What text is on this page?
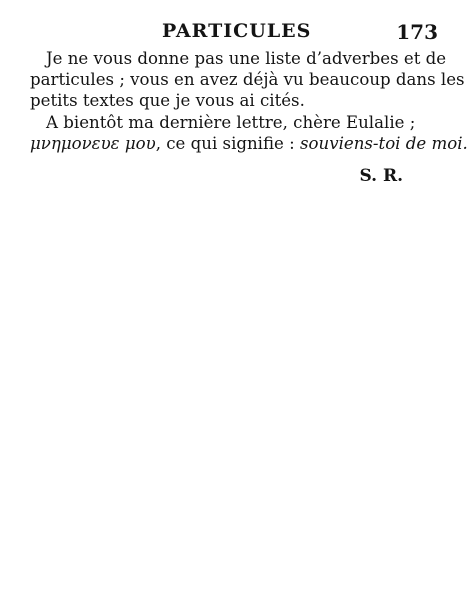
PARTICULES	173
Je ne vous donne pas une liste d’adverbes et de
particules ; vous en avez déjà vu beaucoup dans les
petits textes que je vous ai cités.
A bientôt ma dernière lettre, chère Eulalie ;
μνημονευε μου, ce qui signifie : souviens-toi de moi.
S. R.
